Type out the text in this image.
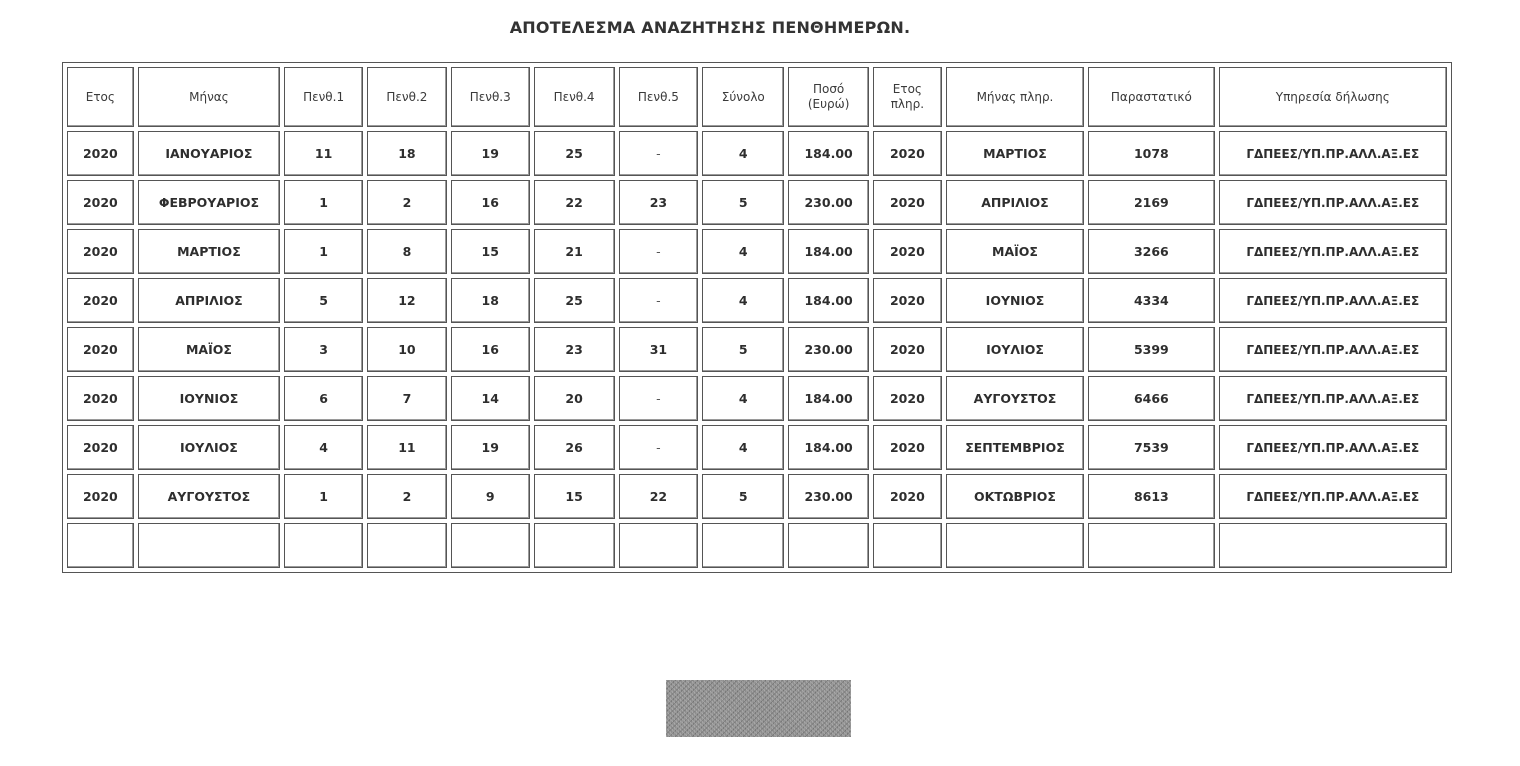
ΑΠΟΤΕΛΕΣΜΑ ΑΝΑΖΗΤΗΣΗΣ ΠΕΝΘΗΜΕΡΩΝ.
Ετος	Μήνας	Πενθ.1	Πενθ.2	Πενθ.3	Πενθ.4	Πενθ.5	Σύνολο	Ποσό (Ευρώ)	Ετος πληρ.	Μήνας πληρ.	Παραστατικό	Υπηρεσία δήλωσης
2020	ΙΑΝΟΥΑΡΙΟΣ	11	18	19	25	-	4	184.00	2020	ΜΑΡΤΙΟΣ	1078	ΓΔΠΕΕΣ/ΥΠ.ΠΡ.ΑΛΛ.ΑΞ.ΕΣ
2020	ΦΕΒΡΟΥΑΡΙΟΣ	1	2	16	22	23	5	230.00	2020	ΑΠΡΙΛΙΟΣ	2169	ΓΔΠΕΕΣ/ΥΠ.ΠΡ.ΑΛΛ.ΑΞ.ΕΣ
2020	ΜΑΡΤΙΟΣ	1	8	15	21	-	4	184.00	2020	ΜΑΪΟΣ	3266	ΓΔΠΕΕΣ/ΥΠ.ΠΡ.ΑΛΛ.ΑΞ.ΕΣ
2020	ΑΠΡΙΛΙΟΣ	5	12	18	25	-	4	184.00	2020	ΙΟΥΝΙΟΣ	4334	ΓΔΠΕΕΣ/ΥΠ.ΠΡ.ΑΛΛ.ΑΞ.ΕΣ
2020	ΜΑΪΟΣ	3	10	16	23	31	5	230.00	2020	ΙΟΥΛΙΟΣ	5399	ΓΔΠΕΕΣ/ΥΠ.ΠΡ.ΑΛΛ.ΑΞ.ΕΣ
2020	ΙΟΥΝΙΟΣ	6	7	14	20	-	4	184.00	2020	ΑΥΓΟΥΣΤΟΣ	6466	ΓΔΠΕΕΣ/ΥΠ.ΠΡ.ΑΛΛ.ΑΞ.ΕΣ
2020	ΙΟΥΛΙΟΣ	4	11	19	26	-	4	184.00	2020	ΣΕΠΤΕΜΒΡΙΟΣ	7539	ΓΔΠΕΕΣ/ΥΠ.ΠΡ.ΑΛΛ.ΑΞ.ΕΣ
2020	ΑΥΓΟΥΣΤΟΣ	1	2	9	15	22	5	230.00	2020	ΟΚΤΩΒΡΙΟΣ	8613	ΓΔΠΕΕΣ/ΥΠ.ΠΡ.ΑΛΛ.ΑΞ.ΕΣ
